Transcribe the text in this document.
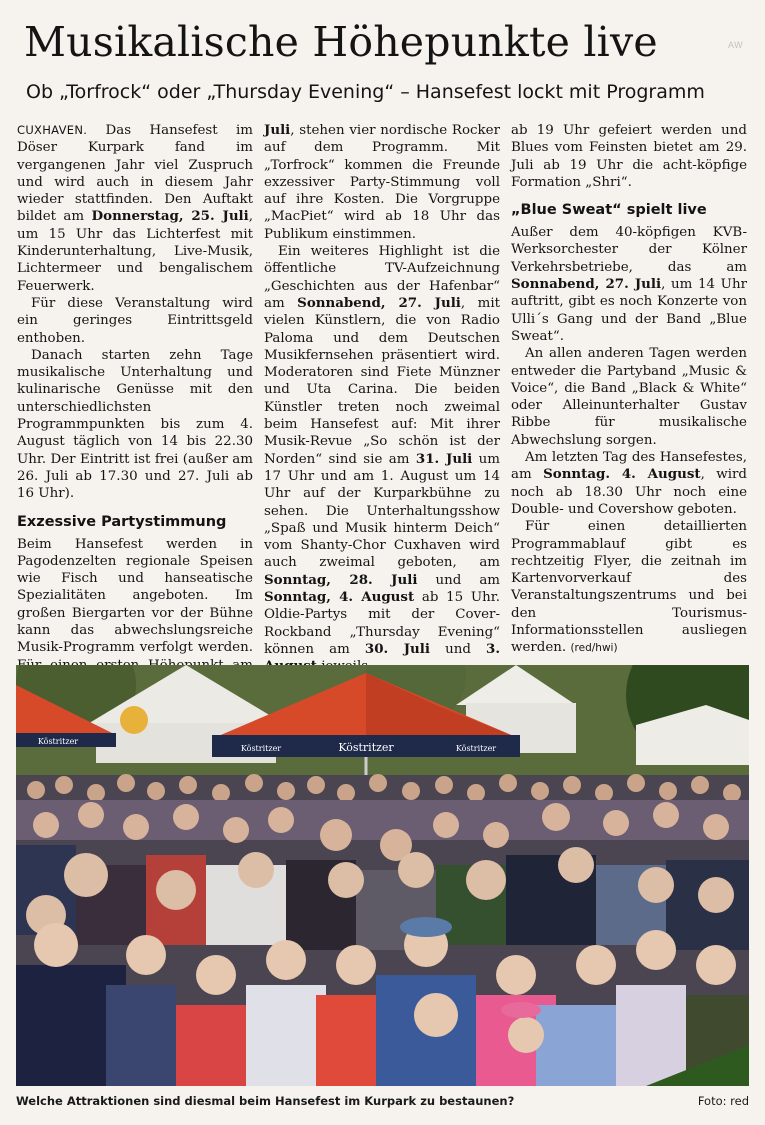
Musikalische Höhepunkte live	AW
Ob „Torfrock“ oder „Thursday Evening“ – Hansefest lockt mit Programm

CUXHAVEN. Das Hansefest im Döser Kurpark fand im vergangenen Jahr viel Zuspruch und wird auch in diesem Jahr wieder stattfinden. Den Auftakt bildet am Donnerstag, 25. Juli, um 15 Uhr das Lichterfest mit Kinderunterhaltung, Live-Musik, Lichtermeer und bengalischem Feuerwerk.

Für diese Veranstaltung wird ein geringes Eintrittsgeld enthoben.

Danach starten zehn Tage musikalische Unterhaltung und kulinarische Genüsse mit den unterschiedlichsten Programmpunkten bis zum 4. August täglich von 14 bis 22.30 Uhr. Der Eintritt ist frei (außer am 26. Juli ab 17.30 und 27. Juli ab 16 Uhr).

Exzessive Partystimmung

Beim Hansefest werden in Pagodenzelten regionale Speisen wie Fisch und hanseatische Spezialitäten angeboten. Im großen Biergarten vor der Bühne kann das abwechslungsreiche Musik-Programm verfolgt werden.

Juli, stehen vier nordische Rocker auf dem Programm. Mit „Torfrock“ kommen die Freunde exzessiver Party-Stimmung voll auf ihre Kosten. Die Vorgruppe „MacPiet“ wird ab 18 Uhr das Publikum einstimmen.

Ein weiteres Highlight ist die öffentliche TV-Aufzeichnung „Geschichten aus der Hafenbar“ am Sonnabend, 27. Juli, mit vielen Künstlern, die von Radio Paloma und dem Deutschen Musikfernsehen präsentiert wird. Moderatoren sind Fiete Münzner und Uta Carina. Die beiden Künstler treten noch zweimal beim Hansefest auf: Mit ihrer Musik-Revue „So schön ist der Norden“ sind sie am 31. Juli um 17 Uhr und am 1. August um 14 Uhr auf der Kurparkbühne zu sehen. Die Unterhaltungsshow „Spaß und Musik hinterm Deich“ vom Shanty-Chor Cuxhaven wird auch zweimal geboten, am Sonntag, 28. Juli und am Sonntag, 4. August ab 15 Uhr. Oldie-Partys mit der Cover-Rockband „Thursday Evening“ können am 30. Juli und 3.

ab 19 Uhr gefeiert werden und Blues vom Feinsten bietet am 29. Juli ab 19 Uhr die acht-köpfige Formation „Shri“.

„Blue Sweat“ spielt live

Außer dem 40-köpfigen KVB-Werksorchester der Kölner Verkehrsbetriebe, das am Sonnabend, 27. Juli, um 14 Uhr auftritt, gibt es noch Konzerte von Ulli´s Gang und der Band „Blue Sweat“.

An allen anderen Tagen werden entweder die Partyband „Music & Voice“, die Band „Black & White“ oder Alleinunterhalter Gustav Ribbe für musikalische Abwechslung sorgen.

Am letzten Tag des Hansefestes, am Sonntag. 4. August, wird noch ab 18.30 Uhr noch eine Double- und Covershow geboten.

Für einen detaillierten Programmablauf gibt es rechtzeitig Flyer, die zeitnah im Kartenvorverkauf des Veranstaltungszentrums und bei den Tourismus-Informationsstellen ausliegen werden. (red/hwi)

Köstritzer
Köstritzer	Köstritzer
Köstritzer
Welche Attraktionen sind diesmal beim Hansefest im Kurpark zu bestaunen?	Foto: red
